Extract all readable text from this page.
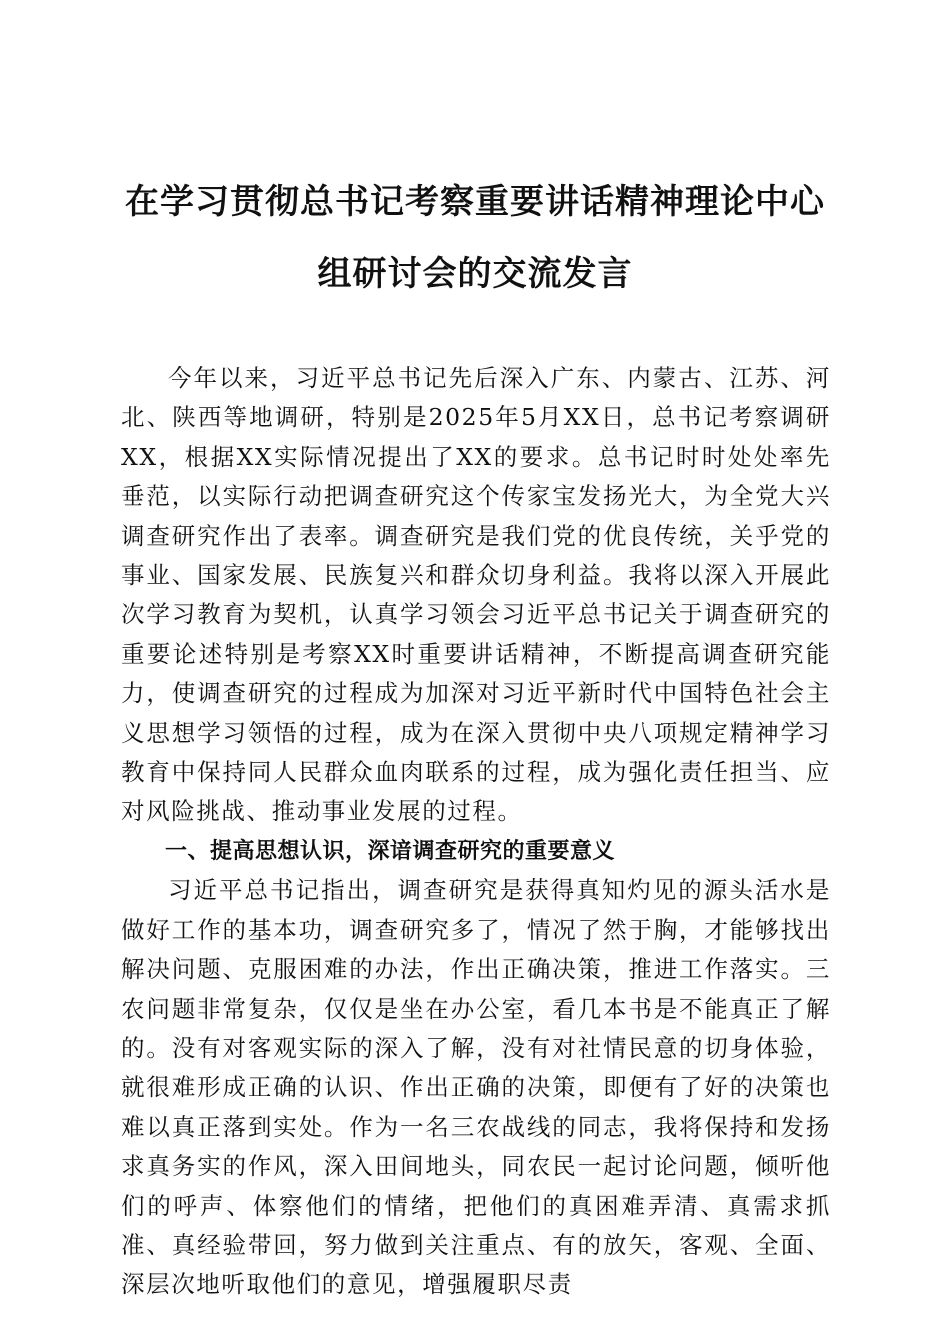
在学习贯彻总书记考察重要讲话精神理论中心
组研讨会的交流发言

今年以来，习近平总书记先后深入广东、内蒙古、江苏、河北、陕西等地调研，特别是2025年5月XX日，总书记考察调研XX，根据XX实际情况提出了XX的要求。总书记时时处处率先垂范，以实际行动把调查研究这个传家宝发扬光大，为全党大兴调查研究作出了表率。调查研究是我们党的优良传统，关乎党的事业、国家发展、民族复兴和群众切身利益。我将以深入开展此次学习教育为契机，认真学习领会习近平总书记关于调查研究的重要论述特别是考察XX时重要讲话精神，不断提高调查研究能力，使调查研究的过程成为加深对习近平新时代中国特色社会主义思想学习领悟的过程，成为在深入贯彻中央八项规定精神学习教育中保持同人民群众血肉联系的过程，成为强化责任担当、应对风险挑战、推动事业发展的过程。

一、提高思想认识，深谙调查研究的重要意义

习近平总书记指出，调查研究是获得真知灼见的源头活水是做好工作的基本功，调查研究多了，情况了然于胸，才能够找出解决问题、克服困难的办法，作出正确决策，推进工作落实。三农问题非常复杂，仅仅是坐在办公室，看几本书是不能真正了解的。没有对客观实际的深入了解，没有对社情民意的切身体验，就很难形成正确的认识、作出正确的决策，即便有了好的决策也难以真正落到实处。作为一名三农战线的同志，我将保持和发扬求真务实的作风，深入田间地头，同农民一起讨论问题，倾听他们的呼声、体察他们的情绪，把他们的真困难弄清、真需求抓准、真经验带回，努力做到关注重点、有的放矢，客观、全面、深层次地听取他们的意见，增强履职尽责
